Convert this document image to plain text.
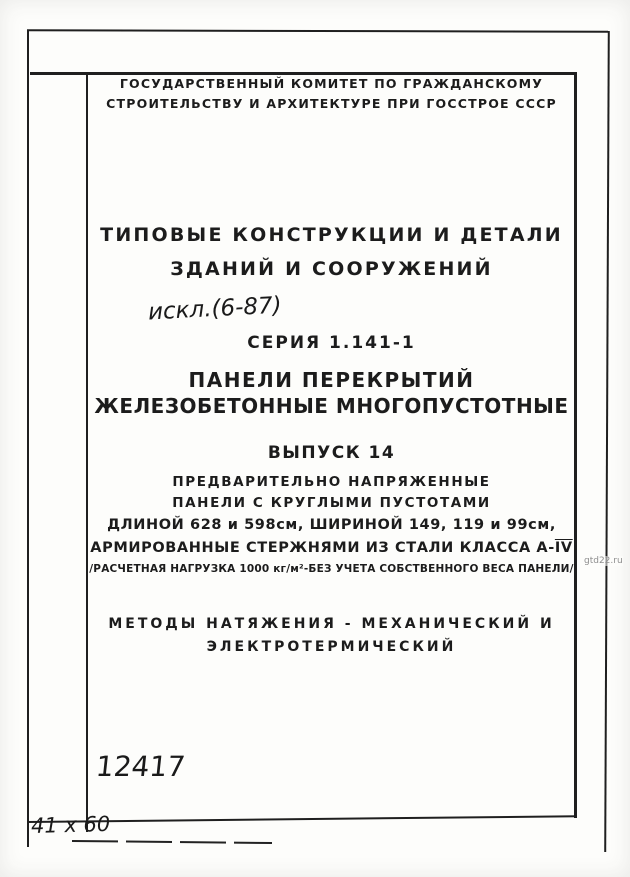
ГОСУДАРСТВЕННЫЙ КОМИТЕТ ПО ГРАЖДАНСКОМУ
СТРОИТЕЛЬСТВУ И АРХИТЕКТУРЕ ПРИ ГОССТРОЕ СССР
ТИПОВЫЕ КОНСТРУКЦИИ И ДЕТАЛИ
ЗДАНИЙ И СООРУЖЕНИЙ
искл.(6-87)
СЕРИЯ 1.141-1
ПАНЕЛИ ПЕРЕКРЫТИЙ
ЖЕЛЕЗОБЕТОННЫЕ МНОГОПУСТОТНЫЕ
ВЫПУСК 14
ПРЕДВАРИТЕЛЬНО НАПРЯЖЕННЫЕ
ПАНЕЛИ С КРУГЛЫМИ ПУСТОТАМИ
ДЛИНОЙ 628 и 598см, ШИРИНОЙ 149, 119 и 99см,
АРМИРОВАННЫЕ СТЕРЖНЯМИ ИЗ СТАЛИ КЛАССА $А-\overline{IV}$
/РАСЧЕТНАЯ НАГРУЗКА 1000 кг/м²-БЕЗ УЧЕТА СОБСТВЕННОГО ВЕСА ПАНЕЛИ/
МЕТОДЫ НАТЯЖЕНИЯ - МЕХАНИЧЕСКИЙ И
ЭЛЕКТРОТЕРМИЧЕСКИЙ
12417
41 х 60
gtd22.ru
